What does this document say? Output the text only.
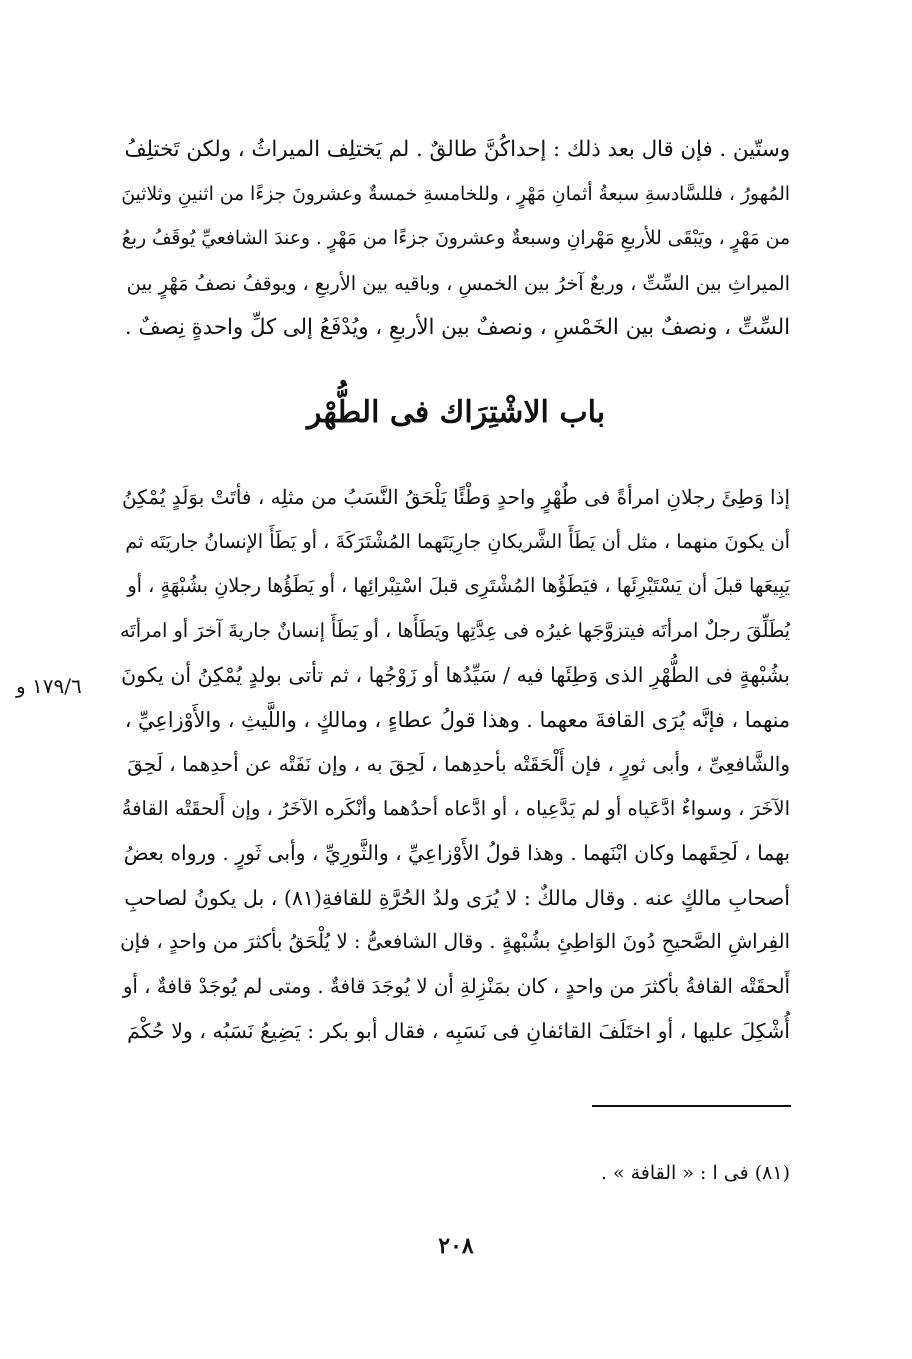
وستّين . فإن قال بعد ذلك : إحداكُنَّ طالقٌ . لم يَختلِف الميراثُ ، ولكن تَختلِفُ
المُهورُ ، فللسَّادسةِ سبعةُ أثمانِ مَهْرٍ ، وللخامسةِ خمسةٌ وعشرونَ جزءًا من اثنينِ وثلاثينَ
من مَهْرٍ ، ويَبْقَى للأربعِ مَهْرانِ وسبعةٌ وعشرونَ جزءًا من مَهْرٍ . وعندَ الشافعيِّ يُوقَفُ ربعُ
الميراثِ بين السِّتِّ ، وربعٌ آخرُ بين الخمسِ ، وباقيه بين الأربعِ ، ويوقفُ نصفُ مَهْرٍ بين
السِّتِّ ، ونصفٌ بين الخَمْسِ ، ونصفٌ بين الأربعِ ، ويُدْفَعُ إلى كلِّ واحدةٍ نِصفٌ .
باب الاشْتِرَاك فى الطُّهْر
إذا وَطِئَ رجلانِ امرأةً فى طُهْرٍ واحدٍ وَطْئًا يَلْحَقُ النَّسَبُ من مثلِه ، فأتَتْ بوَلَدٍ يُمْكِنُ
أن يكونَ منهما ، مثل أن يَطَأَ الشَّريكانِ جارِيَتَهما المُشْتَرَكَةَ ، أو يَطَأَ الإنسانُ جاريَتَه ثم
يَبِيعَها قبلَ أن يَسْتَبْرِئَها ، فيَطَؤُها المُشْتَرِى قبلَ اسْتِبْرائِها ، أو يَطَؤُها رجلانِ بشُبْهَةٍ ، أو
يُطَلِّقَ رجلٌ امرأتَه فيتزوَّجَها غيرُه فى عِدَّتِها ويَطَأَها ، أو يَطَأَ إنسانٌ جاريةَ آخرَ أو امرأتَه
بشُبْهةٍ فى الطُّهْرِ الذى وَطِئَها فيه / سَيِّدُها أو زَوْجُها ، ثم تأتى بولدٍ يُمْكِنُ أن يكونَ
منهما ، فإنَّه يُرَى القافةَ معهما . وهذا قولُ عطاءٍ ، ومالكٍ ، واللَّيثِ ، والأَوْزاعِيِّ ،
والشَّافعِىِّ ، وأبى ثورٍ ، فإن أَلْحَقَتْه بأحدِهما ، لَحِقَ به ، وإن نَفَتْه عن أحدِهما ، لَحِقَ
الآخَرَ ، وسواءٌ ادَّعَياه أو لم يَدَّعِياه ، أو ادَّعاه أحدُهما وأنْكَره الآخَرُ ، وإن أَلحقَتْه القافةُ
بهما ، لَحِقَهما وكان ابْنَهما . وهذا قولُ الأَوْزاعِيِّ ، والثَّورِيِّ ، وأبى ثَورٍ . ورواه بعضُ
أصحابِ مالكٍ عنه . وقال مالكٌ : لا يُرَى ولدُ الحُرَّةِ للقافةِ(٨١) ، بل يكونُ لصاحبِ
الفِراشِ الصَّحيحِ دُونَ الوَاطِئِ بشُبْهةٍ . وقال الشافعىُّ : لا يُلْحَقُ بأكثرَ من واحدٍ ، فإن
أَلحقَتْه القافةُ بأكثرَ من واحدٍ ، كان بمَنْزِلةِ أن لا يُوجَدَ قافةٌ . ومتى لم يُوجَدْ قافةٌ ، أو
أُشْكِلَ عليها ، أو اختَلَفَ القائفانِ فى نَسَبِه ، فقال أبو بكر : يَضِيعُ نَسَبُه ، ولا حُكْمَ
١٧٩/٦ و
(٨١) فى ا : « القافة » .
٢٠٨
